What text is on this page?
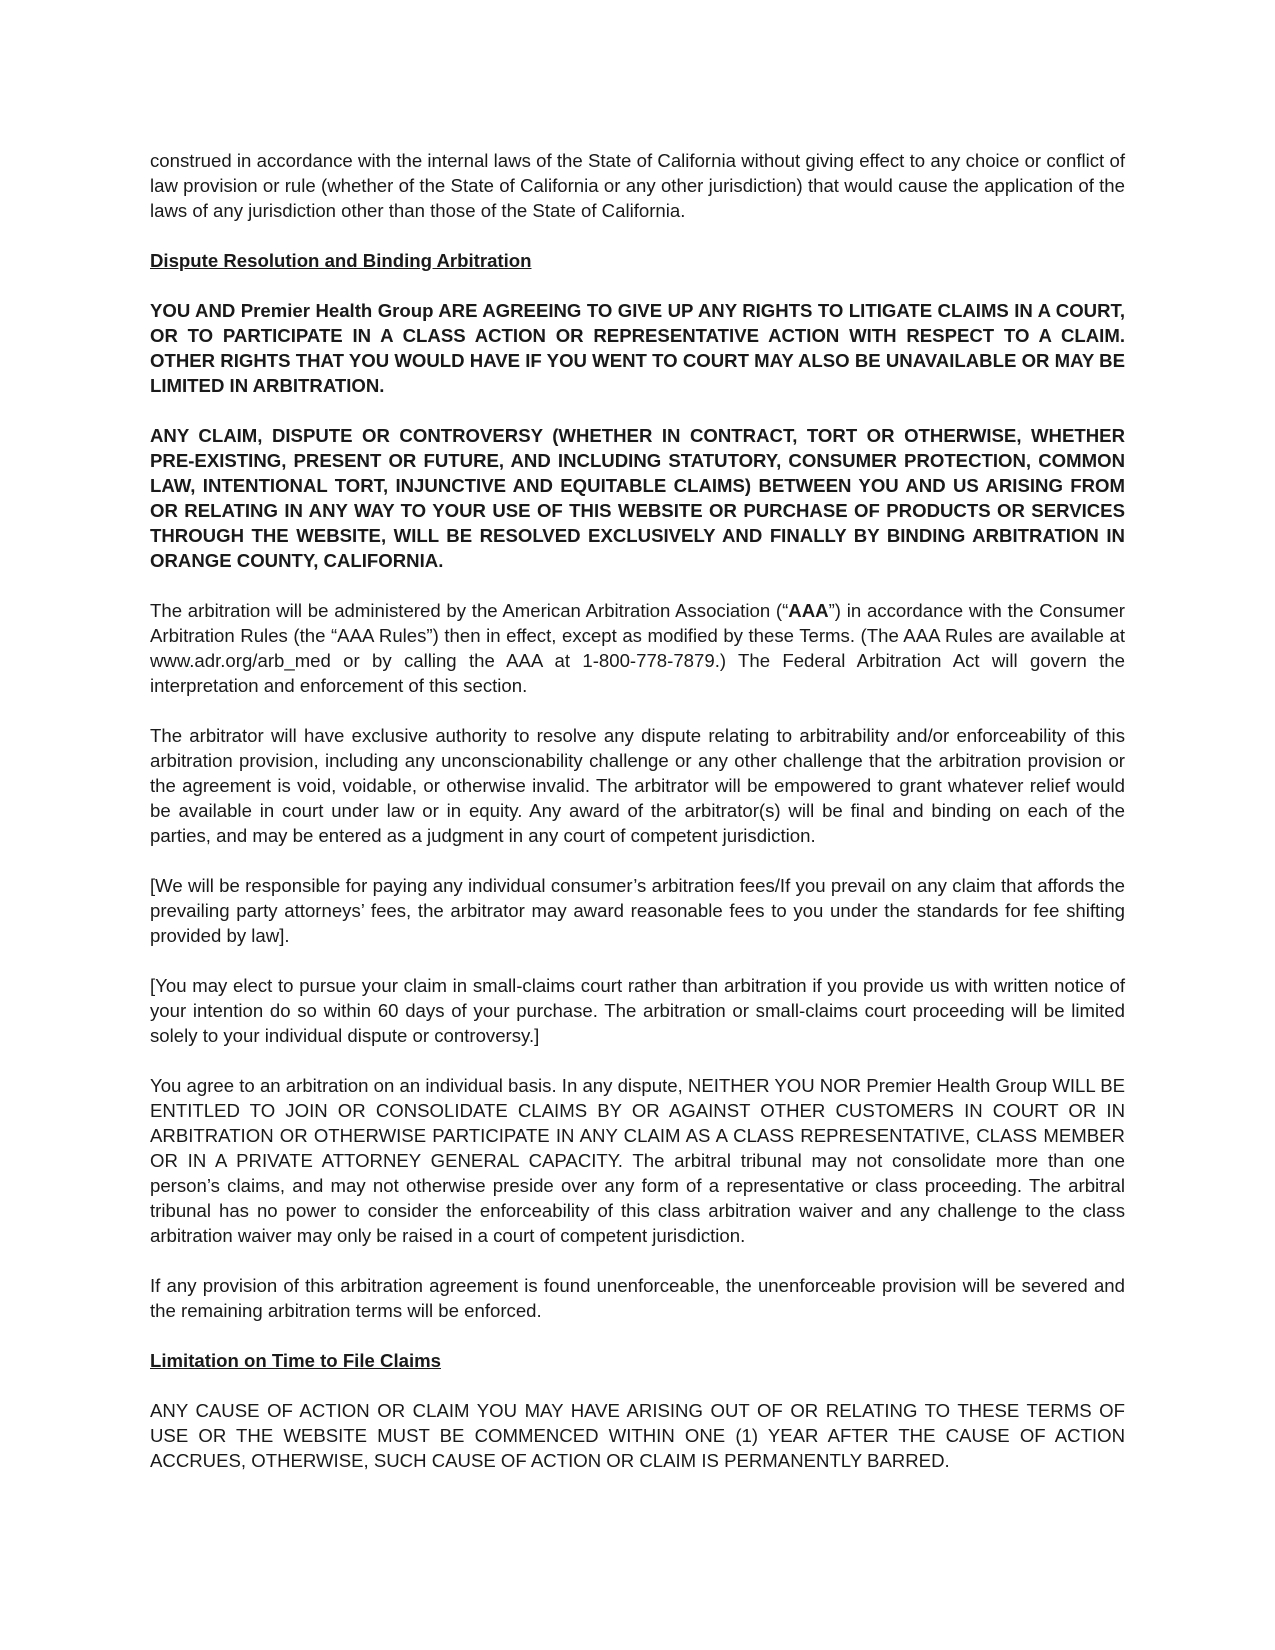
construed in accordance with the internal laws of the State of California without giving effect to any choice or conflict of law provision or rule (whether of the State of California or any other jurisdiction) that would cause the application of the laws of any jurisdiction other than those of the State of California.

Dispute Resolution and Binding Arbitration

YOU AND Premier Health Group ARE AGREEING TO GIVE UP ANY RIGHTS TO LITIGATE CLAIMS IN A COURT, OR TO PARTICIPATE IN A CLASS ACTION OR REPRESENTATIVE ACTION WITH RESPECT TO A CLAIM. OTHER RIGHTS THAT YOU WOULD HAVE IF YOU WENT TO COURT MAY ALSO BE UNAVAILABLE OR MAY BE LIMITED IN ARBITRATION.

ANY CLAIM, DISPUTE OR CONTROVERSY (WHETHER IN CONTRACT, TORT OR OTHERWISE, WHETHER PRE-EXISTING, PRESENT OR FUTURE, AND INCLUDING STATUTORY, CONSUMER PROTECTION, COMMON LAW, INTENTIONAL TORT, INJUNCTIVE AND EQUITABLE CLAIMS) BETWEEN YOU AND US ARISING FROM OR RELATING IN ANY WAY TO YOUR USE OF THIS WEBSITE OR PURCHASE OF PRODUCTS OR SERVICES THROUGH THE WEBSITE, WILL BE RESOLVED EXCLUSIVELY AND FINALLY BY BINDING ARBITRATION IN ORANGE COUNTY, CALIFORNIA.

The arbitration will be administered by the American Arbitration Association (“AAA”) in accordance with the Consumer Arbitration Rules (the “AAA Rules”) then in effect, except as modified by these Terms. (The AAA Rules are available at www.adr.org/arb_med or by calling the AAA at 1-800-778-7879.) The Federal Arbitration Act will govern the interpretation and enforcement of this section.

The arbitrator will have exclusive authority to resolve any dispute relating to arbitrability and/or enforceability of this arbitration provision, including any unconscionability challenge or any other challenge that the arbitration provision or the agreement is void, voidable, or otherwise invalid. The arbitrator will be empowered to grant whatever relief would be available in court under law or in equity. Any award of the arbitrator(s) will be final and binding on each of the parties, and may be entered as a judgment in any court of competent jurisdiction.

[We will be responsible for paying any individual consumer’s arbitration fees/If you prevail on any claim that affords the prevailing party attorneys’ fees, the arbitrator may award reasonable fees to you under the standards for fee shifting provided by law].

[You may elect to pursue your claim in small-claims court rather than arbitration if you provide us with written notice of your intention do so within 60 days of your purchase. The arbitration or small-claims court proceeding will be limited solely to your individual dispute or controversy.]

You agree to an arbitration on an individual basis. In any dispute, NEITHER YOU NOR Premier Health Group WILL BE ENTITLED TO JOIN OR CONSOLIDATE CLAIMS BY OR AGAINST OTHER CUSTOMERS IN COURT OR IN ARBITRATION OR OTHERWISE PARTICIPATE IN ANY CLAIM AS A CLASS REPRESENTATIVE, CLASS MEMBER OR IN A PRIVATE ATTORNEY GENERAL CAPACITY. The arbitral tribunal may not consolidate more than one person’s claims, and may not otherwise preside over any form of a representative or class proceeding. The arbitral tribunal has no power to consider the enforceability of this class arbitration waiver and any challenge to the class arbitration waiver may only be raised in a court of competent jurisdiction.

If any provision of this arbitration agreement is found unenforceable, the unenforceable provision will be severed and the remaining arbitration terms will be enforced.

Limitation on Time to File Claims

ANY CAUSE OF ACTION OR CLAIM YOU MAY HAVE ARISING OUT OF OR RELATING TO THESE TERMS OF USE OR THE WEBSITE MUST BE COMMENCED WITHIN ONE (1) YEAR AFTER THE CAUSE OF ACTION ACCRUES, OTHERWISE, SUCH CAUSE OF ACTION OR CLAIM IS PERMANENTLY BARRED.
